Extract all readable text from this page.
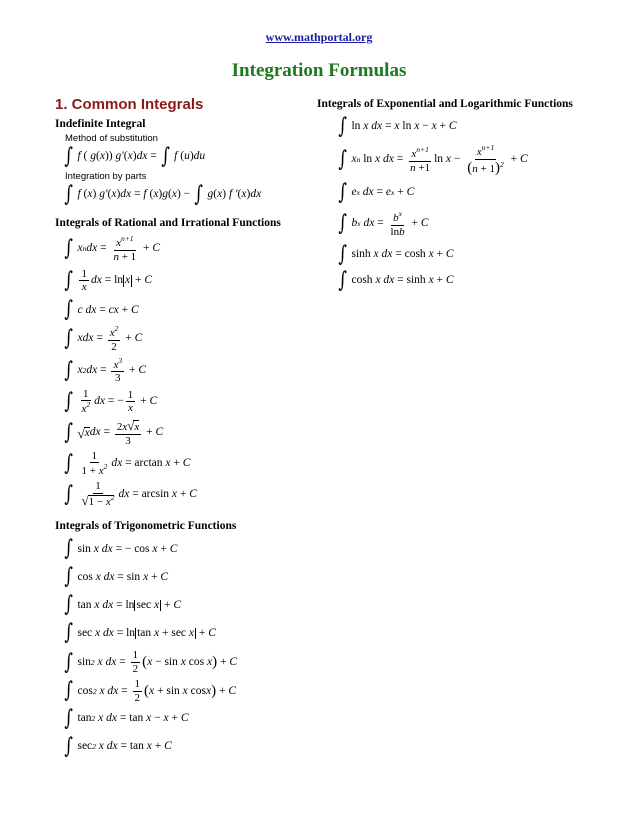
www.mathportal.org
Integration Formulas
1. Common Integrals
Indefinite Integral
Method of substitution
∫ f ( g ( x )) g′ ( x ) dx = ∫ f ( u ) du
Integration by parts
∫ f ( x ) g′ ( x ) dx = f ( x ) g ( x ) − ∫ g ( x ) f ′ ( x ) dx
Integrals of Rational and Irrational Functions
∫ x n dx = $\frac{x^{n+1}}{n + 1} + C$
∫ $\frac{1}{x}$ dx = ln x + C
∫ c dx = cx + C
∫ xdx = $\frac{x^2}{2} + C$
∫ x 2 dx = $\frac{x^3}{3} + C$
∫ $\frac{1}{x^2}$ dx = − $\frac{1}{x} + C$
∫ √ x dx = $\frac{2x√x}{3} + C$
∫ $\frac{1}{1 + x^2}$ dx = arctan x + C
∫ $\frac{1}{√1 - x^2}$ dx = arcsin x + C
Integrals of Trigonometric Functions
∫ sin x dx = − cos x + C
∫ cos x dx = sin x + C
∫ tan x dx = ln sec x + C
∫ sec x dx = ln tan x + sec x + C
∫ sin 2 x dx = $\frac{1}{2}$ ( x − sin x cos x ) + C
∫ cos 2 x dx = $\frac{1}{2}$ ( x + sin x cos x ) + C
∫ tan 2 x dx = tan x − x + C
∫ sec 2 x dx = tan x + C
Integrals of Exponential and Logarithmic Functions
∫ ln x dx = x ln x − x + C
∫ x n ln x dx = $\frac{x^{n+1}}{n +1}$ $\ln x - \frac{x^{n+1}}{(n + 1)^2} + C$
∫ e x dx = e x + C
∫ b x dx = $\frac{b^x}{\ln b} + C$
∫ sinh x dx = cosh x + C
∫ cosh x dx = sinh x + C
